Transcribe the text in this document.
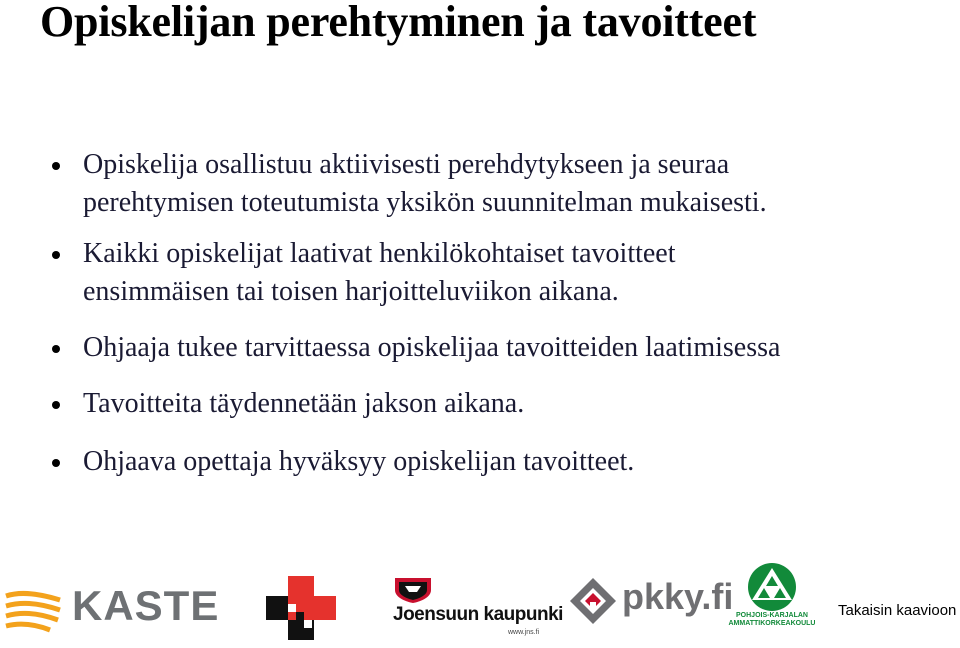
Opiskelijan perehtyminen ja tavoitteet
Opiskelija osallistuu aktiivisesti perehdytykseen ja seuraa
perehtymisen toteutumista yksikön suunnitelman mukaisesti.
Kaikki opiskelijat laativat henkilökohtaiset tavoitteet
ensimmäisen tai toisen harjoitteluviikon aikana.
Ohjaaja tukee tarvittaessa opiskelijaa tavoitteiden laatimisessa
Tavoitteita täydennetään jakson aikana.
Ohjaava opettaja hyväksyy opiskelijan tavoitteet.
KASTE	Joensuun kaupunki
www.jns.fi
pkky.fi POHJOIS-KARJALAN AMMATTIKORKEAKOULU
Takaisin kaavioon
